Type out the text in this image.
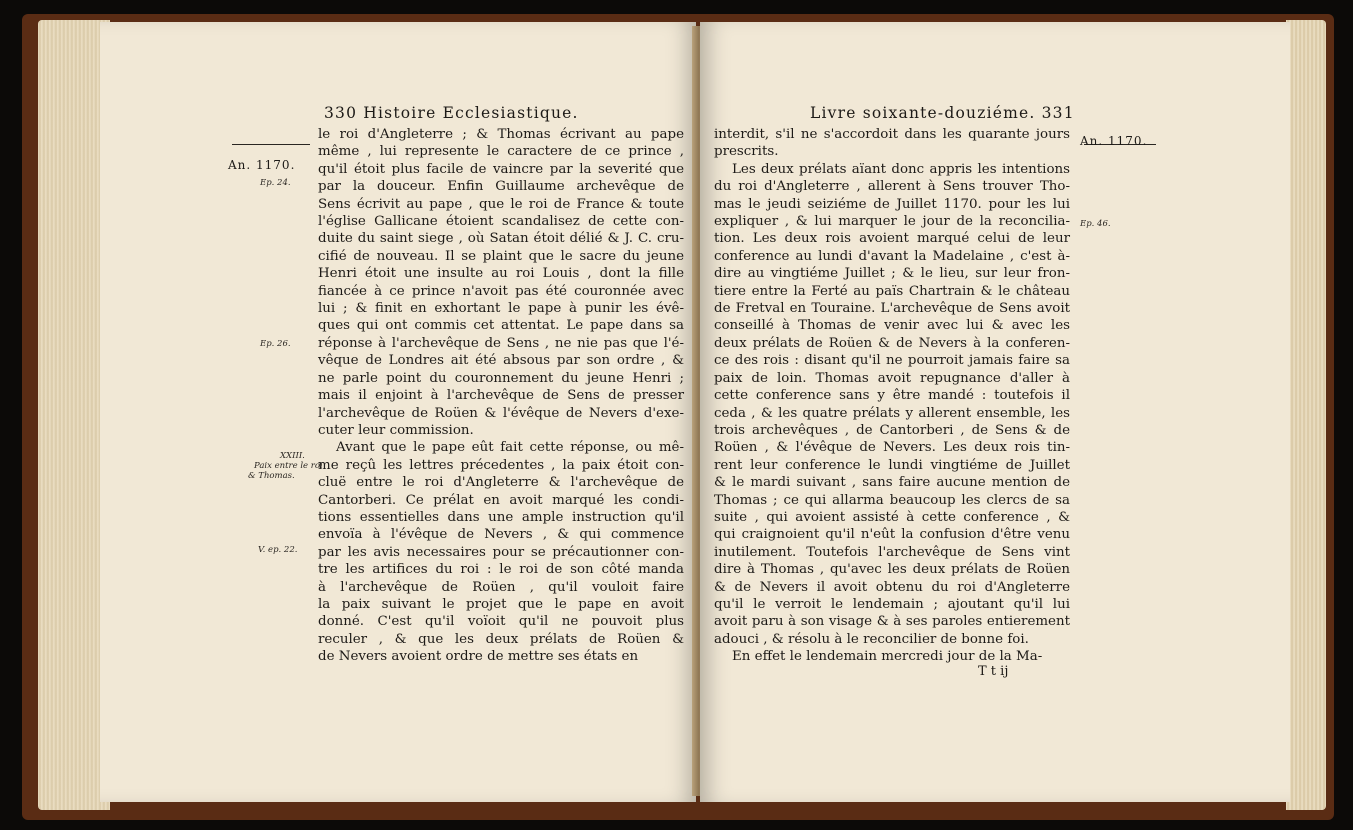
330 Histoire Ecclesiastique.
An. 1170.
Ep. 24.
Ep. 26.
XXIII.
Paix entre le roi
& Thomas.
V. ep. 22.
le roi d'Angleterre ; & Thomas écrivant au pape
même , lui represente le caractere de ce prince ,
qu'il étoit plus facile de vaincre par la severité que
par la douceur. Enfin Guillaume archevêque de
Sens écrivit au pape , que le roi de France & toute
l'église Gallicane étoient scandalisez de cette con-
duite du saint siege , où Satan étoit délié & J. C. cru-
cifié de nouveau. Il se plaint que le sacre du jeune
Henri étoit une insulte au roi Louis , dont la fille
fiancée à ce prince n'avoit pas été couronnée avec
lui ; & finit en exhortant le pape à punir les évê-
ques qui ont commis cet attentat. Le pape dans sa
réponse à l'archevêque de Sens , ne nie pas que l'é-
vêque de Londres ait été absous par son ordre , &
ne parle point du couronnement du jeune Henri ;
mais il enjoint à l'archevêque de Sens de presser
l'archevêque de Roüen & l'évêque de Nevers d'exe-
cuter leur commission.
Avant que le pape eût fait cette réponse, ou mê-
me reçû les lettres précedentes , la paix étoit con-
cluë entre le roi d'Angleterre & l'archevêque de
Cantorberi. Ce prélat en avoit marqué les condi-
tions essentielles dans une ample instruction qu'il
envoïa à l'évêque de Nevers , & qui commence
par les avis necessaires pour se précautionner con-
tre les artifices du roi : le roi de son côté manda
à l'archevêque de Roüen , qu'il vouloit faire
la paix suivant le projet que le pape en avoit
donné. C'est qu'il voïoit qu'il ne pouvoit plus
reculer , & que les deux prélats de Roüen &
de Nevers avoient ordre de mettre ses états en
Livre soixante-douziéme. 331
An. 1170.
Ep. 46.
interdit, s'il ne s'accordoit dans les quarante jours
prescrits.
Les deux prélats aïant donc appris les intentions
du roi d'Angleterre , allerent à Sens trouver Tho-
mas le jeudi seiziéme de Juillet 1170. pour les lui
expliquer , & lui marquer le jour de la reconcilia-
tion. Les deux rois avoient marqué celui de leur
conference au lundi d'avant la Madelaine , c'est à-
dire au vingtiéme Juillet ; & le lieu, sur leur fron-
tiere entre la Ferté au païs Chartrain & le château
de Fretval en Touraine. L'archevêque de Sens avoit
conseillé à Thomas de venir avec lui & avec les
deux prélats de Roüen & de Nevers à la conferen-
ce des rois : disant qu'il ne pourroit jamais faire sa
paix de loin. Thomas avoit repugnance d'aller à
cette conference sans y être mandé : toutefois il
ceda , & les quatre prélats y allerent ensemble, les
trois archevêques , de Cantorberi , de Sens & de
Roüen , & l'évêque de Nevers. Les deux rois tin-
rent leur conference le lundi vingtiéme de Juillet
& le mardi suivant , sans faire aucune mention de
Thomas ; ce qui allarma beaucoup les clercs de sa
suite , qui avoient assisté à cette conference , &
qui craignoient qu'il n'eût la confusion d'être venu
inutilement. Toutefois l'archevêque de Sens vint
dire à Thomas , qu'avec les deux prélats de Roüen
& de Nevers il avoit obtenu du roi d'Angleterre
qu'il le verroit le lendemain ; ajoutant qu'il lui
avoit paru à son visage & à ses paroles entierement
adouci , & résolu à le reconcilier de bonne foi.
En effet le lendemain mercredi jour de la Ma-
T t ij
